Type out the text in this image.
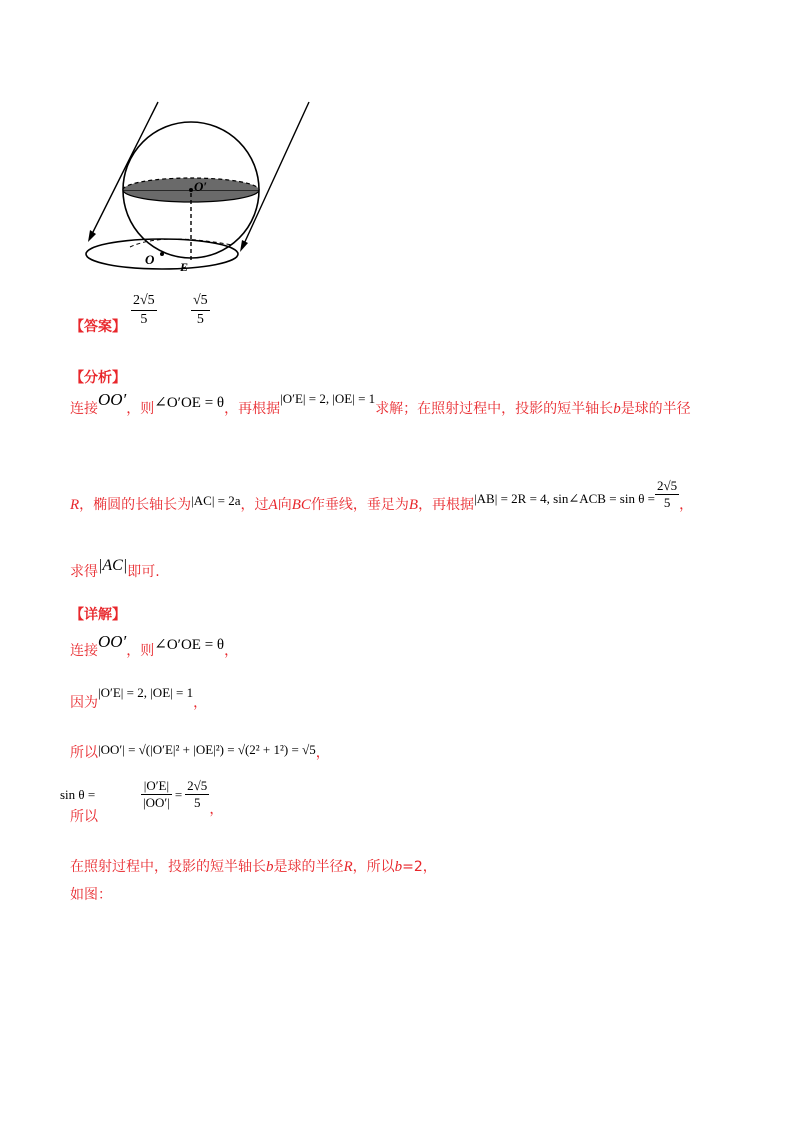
O′
O E
【答案】
2√5
5
√5
5
【分析】
连接OO′，则∠O′OE = θ，再根据|O′E| = 2, |OE| = 1求解；在照射过程中，投影的短半轴长b是球的半径
R，椭圆的长轴长为|AC| = 2a，过A向BC作垂线，垂足为B，再根据|AB| = 2R = 4, sin∠ACB = $\sin \theta = \frac{2√5}{5}$ ，
求得|AC|即可.
【详解】
连接OO′，则∠O′OE = θ，
因为|O′E| = 2, |OE| = 1，
所以|OO′| = √(|O′E|² + |OE|²) = √(2² + 1²) = √5，
所以sin θ =	$\frac{|O'E|}{|OO'|} = \frac{2√5}{5}$ ，
在照射过程中，投影的短半轴长b是球的半径R，所以b=2，
如图：
